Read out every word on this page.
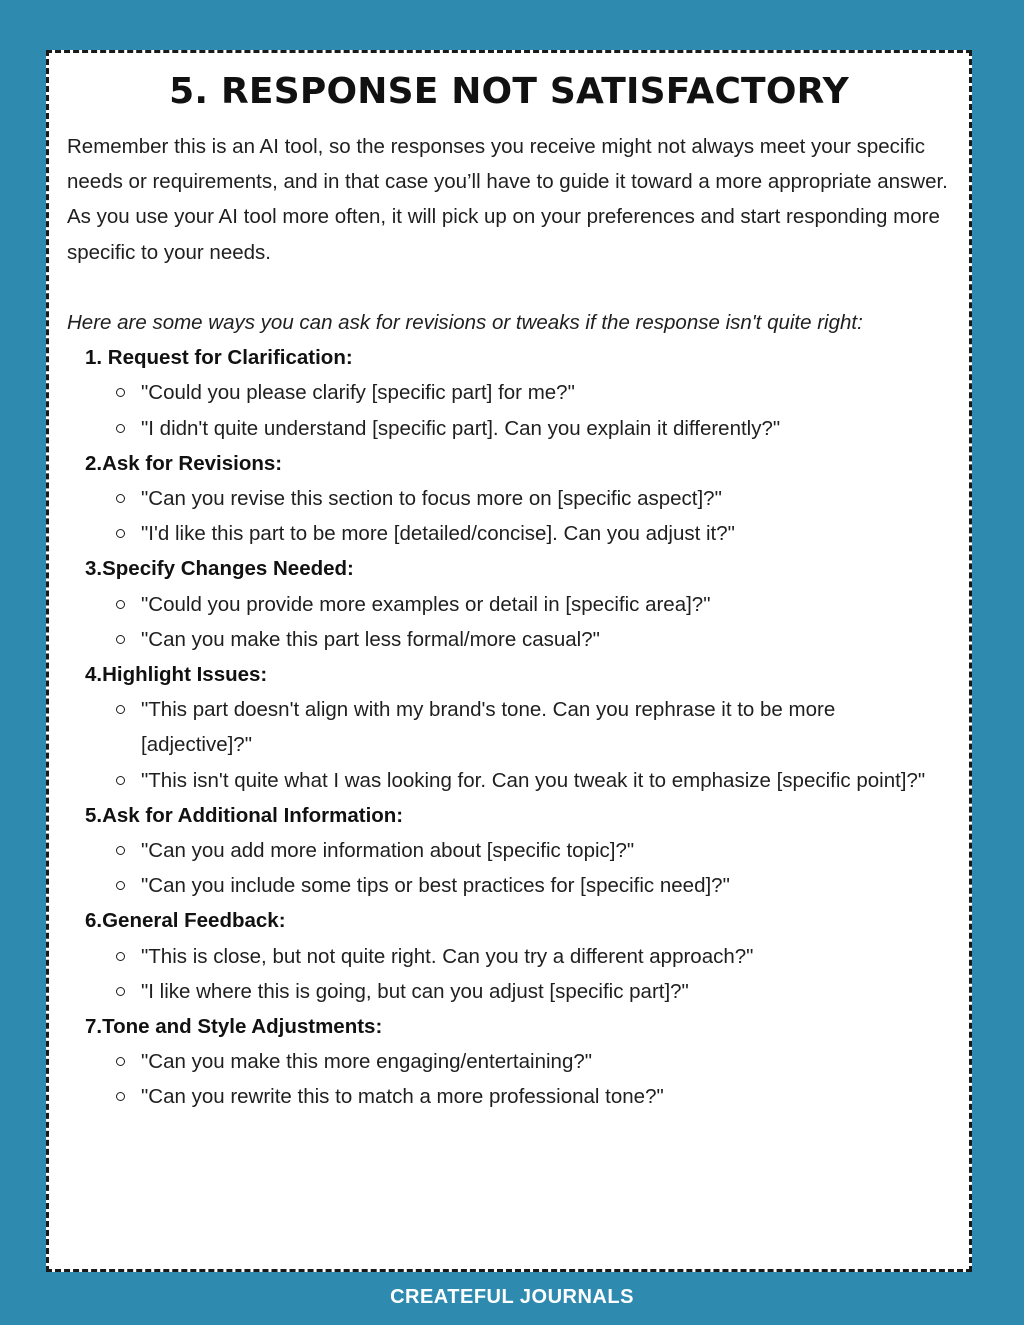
5. RESPONSE NOT SATISFACTORY

Remember this is an AI tool, so the responses you receive might not always meet your specific needs or requirements, and in that case you’ll have to guide it toward a more appropriate answer. As you use your AI tool more often, it will pick up on your preferences and start responding more specific to your needs.

Here are some ways you can ask for revisions or tweaks if the response isn't quite right:

1. Request for Clarification:
"Could you please clarify [specific part] for me?"
"I didn't quite understand [specific part]. Can you explain it differently?"
2.Ask for Revisions:
"Can you revise this section to focus more on [specific aspect]?"
"I'd like this part to be more [detailed/concise]. Can you adjust it?"
3.Specify Changes Needed:
"Could you provide more examples or detail in [specific area]?"
"Can you make this part less formal/more casual?"
4.Highlight Issues:
"This part doesn't align with my brand's tone. Can you rephrase it to be more [adjective]?"
"This isn't quite what I was looking for. Can you tweak it to emphasize [specific point]?"
5.Ask for Additional Information:
"Can you add more information about [specific topic]?"
"Can you include some tips or best practices for [specific need]?"
6.General Feedback:
"This is close, but not quite right. Can you try a different approach?"
"I like where this is going, but can you adjust [specific part]?"
7.Tone and Style Adjustments:
"Can you make this more engaging/entertaining?"
"Can you rewrite this to match a more professional tone?"
CREATEFUL JOURNALS
